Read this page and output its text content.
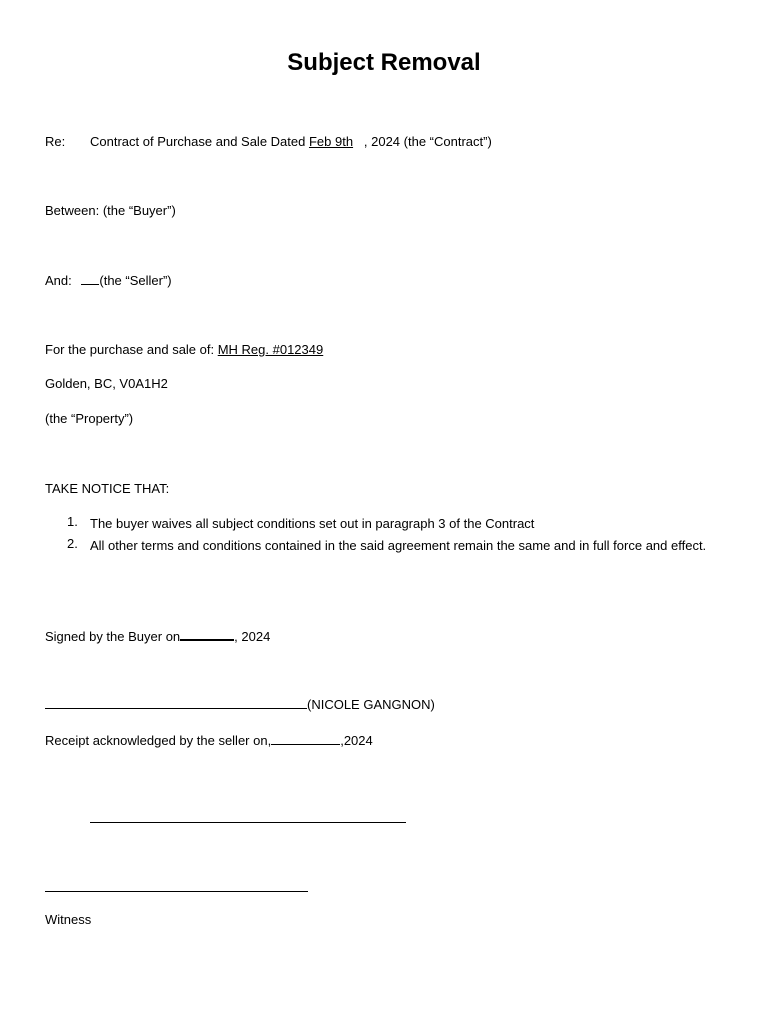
Subject Removal
Re: Contract of Purchase and Sale Dated Feb 9th   , 2024 (the “Contract”)
Between: (the “Buyer”)
And: (the “Seller”)
For the purchase and sale of: MH Reg. #012349
Golden, BC, V0A1H2
(the “Property”)
TAKE NOTICE THAT:
1. The buyer waives all subject conditions set out in paragraph 3 of the Contract
2. All other terms and conditions contained in the said agreement remain the same and in full force and effect.
Signed by the Buyer on	, 2024
(NICOLE GANGNON)
Receipt acknowledged by the seller on,	,2024
Witness
